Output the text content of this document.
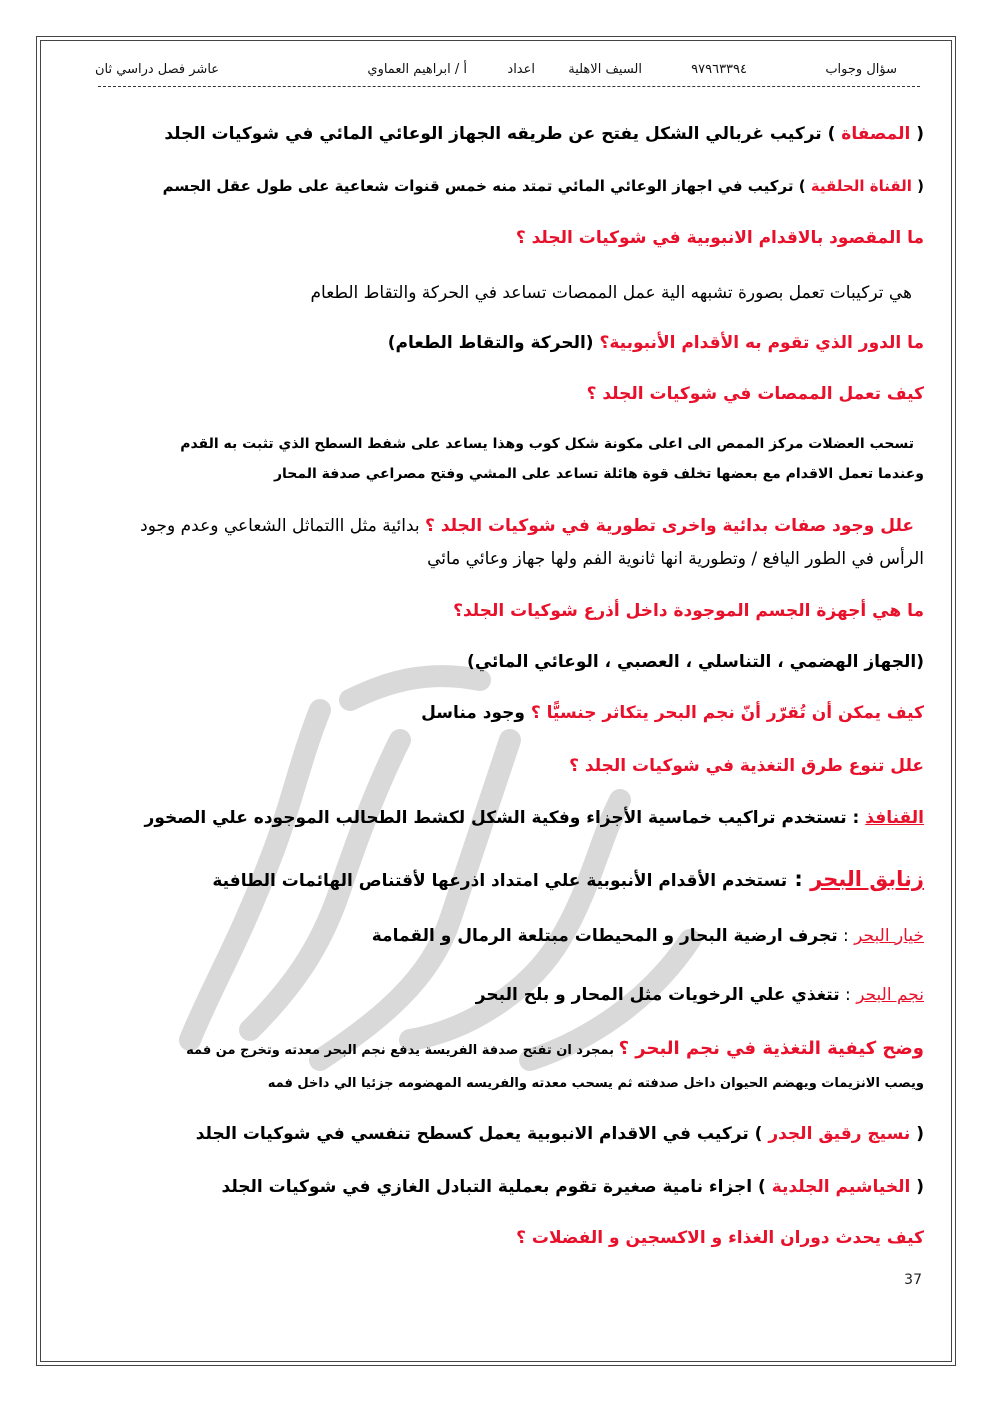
سؤال وجواب
٩٧٩٦٣٣٩٤
السيف الاهلية
اعداد
أ / ابراهيم العماوي
عاشر فصل دراسي ثان
( المصفاة ) تركيب غربالي الشكل يفتح عن طريقه الجهاز الوعائي المائي في شوكيات الجلد
( القناة الحلقية ) تركيب في اجهاز الوعائي المائي تمتد منه خمس قنوات شعاعية على طول عقل الجسم
ما المقصود بالاقدام الانبوبية في شوكيات الجلد ؟
هي تركيبات تعمل بصورة تشبهه الية عمل الممصات تساعد في الحركة والتقاط الطعام
ما الدور الذي تقوم به الأقدام الأنبوبية؟ (الحركة والتقاط الطعام)
كيف تعمل الممصات في شوكيات الجلد ؟
تسحب العضلات مركز الممص الى اعلى مكونة شكل كوب وهذا يساعد على شفط السطح الذي تثبت به القدم
وعندما تعمل الاقدام مع بعضها تخلف قوة هائلة تساعد على المشي وفتح مصراعي صدفة المحار
علل وجود صفات بدائية واخرى تطورية في شوكيات الجلد ؟ بدائية مثل االتماثل الشعاعي وعدم وجود
الرأس في الطور اليافع / وتطورية انها ثانوية الفم ولها جهاز وعائي مائي
ما هي أجهزة الجسم الموجودة داخل أذرع شوكيات الجلد؟
(الجهاز الهضمي ، التناسلي ، العصبي ، الوعائي المائي)
كيف يمكن أن تُقرّر أنّ نجم البحر يتكاثر جنسيًّا ؟ وجود مناسل
علل تنوع طرق التغذية في شوكيات الجلد ؟
القنافذ : تستخدم تراكيب خماسية الأجزاء وفكية الشكل لكشط الطحالب الموجوده علي الصخور
زنابق البحر : تستخدم الأقدام الأنبوبية علي امتداد اذرعها لأقتناص الهائمات الطافية
خيار البحر : تجرف ارضية البحار و المحيطات مبتلعة الرمال و القمامة
نجم البحر : تتغذي علي الرخويات مثل المحار و بلح البحر
وضح كيفية التغذية في نجم البحر ؟ بمجرد ان تفتح صدفة الفريسة يدفع نجم البحر معدته وتخرج من فمه
ويصب الانزيمات ويهضم الحيوان داخل صدفته ثم يسحب معدته والفريسه المهضومه جزئيا الي داخل فمه
( نسيج رقيق الجدر ) تركيب في الاقدام الانبوبية يعمل كسطح تنفسي في شوكيات الجلد
( الخياشيم الجلدية ) اجزاء نامية صغيرة تقوم بعملية التبادل الغازي في شوكيات الجلد
كيف يحدث دوران الغذاء و الاكسجين و الفضلات ؟
37
